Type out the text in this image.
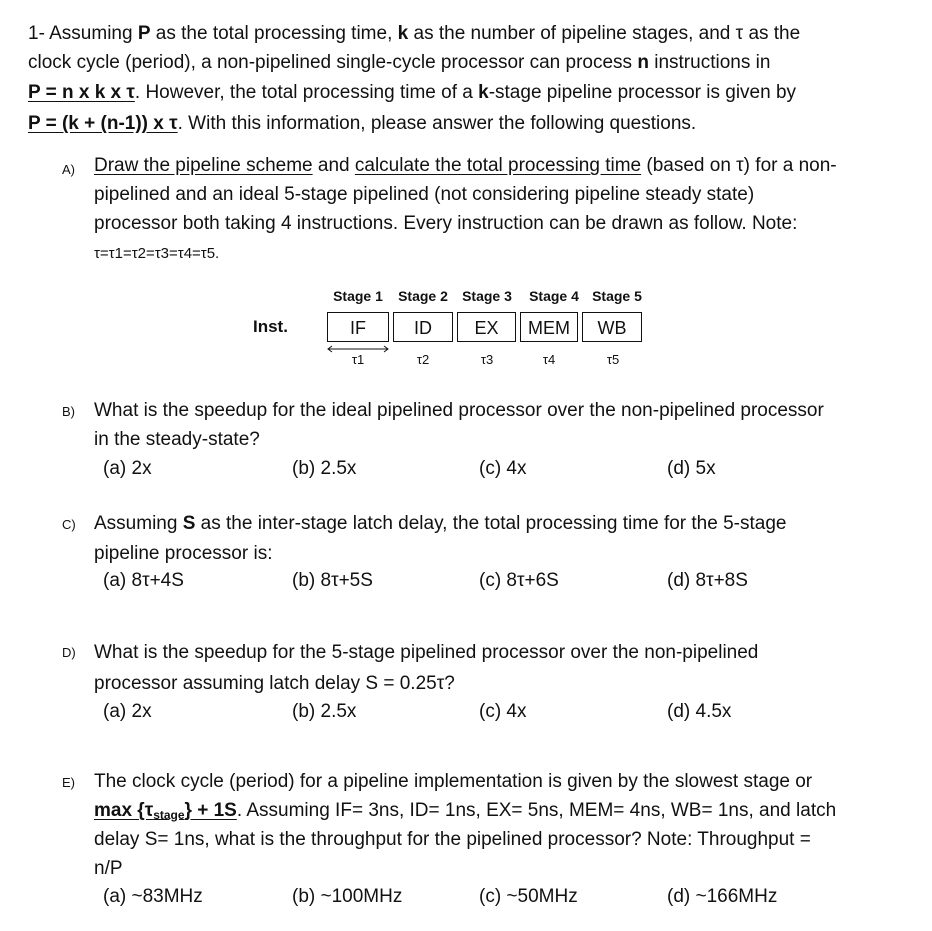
1- Assuming P as the total processing time, k as the number of pipeline stages, and τ as the
clock cycle (period), a non-pipelined single-cycle processor can process n instructions in
P = n x k x τ. However, the total processing time of a k-stage pipeline processor is given by
P = (k + (n-1)) x τ. With this information, please answer the following questions.
A) Draw the pipeline scheme and calculate the total processing time (based on τ) for a non-
pipelined and an ideal 5-stage pipelined (not considering pipeline steady state)
processor both taking 4 instructions. Every instruction can be drawn as follow. Note:
τ=τ1=τ2=τ3=τ4=τ5.
Stage 1	Stage 2	Stage 3	Stage 4 Stage 5
Inst.	IF	ID	EX	MEM	WB
τ1	τ2	τ3	τ4	τ5
B) What is the speedup for the ideal pipelined processor over the non-pipelined processor
in the steady-state?
(a) 2x	(b) 2.5x	(c) 4x	(d) 5x
C) Assuming S as the inter-stage latch delay, the total processing time for the 5-stage
pipeline processor is:
(a) 8τ+4S	(b) 8τ+5S	(c) 8τ+6S	(d) 8τ+8S
D) What is the speedup for the 5-stage pipelined processor over the non-pipelined
processor assuming latch delay S = 0.25τ?
(a) 2x	(b) 2.5x	(c) 4x	(d) 4.5x
E) The clock cycle (period) for a pipeline implementation is given by the slowest stage or
$\max \{\tau_{stage}\} + 1S$. Assuming IF= 3ns, ID= 1ns, EX= 5ns, MEM= 4ns, WB= 1ns, and latch
delay S= 1ns, what is the throughput for the pipelined processor? Note: Throughput =
n/P
(a) ~83MHz	(b) ~100MHz	(c) ~50MHz	(d) ~166MHz
